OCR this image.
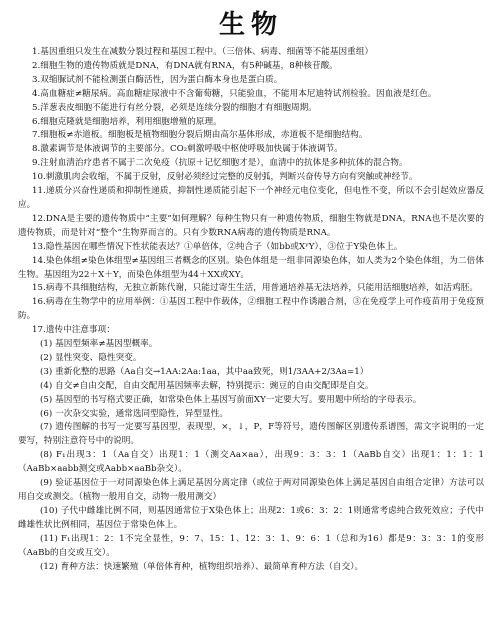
生物

1.基因重组只发生在减数分裂过程和基因工程中。（三倍体、病毒、细菌等不能基因重组）

2.细胞生物的遗传物质就是DNA，有DNA就有RNA，有5种碱基，8种核苷酸。

3.双缩脲试剂不能检测蛋白酶活性，因为蛋白酶本身也是蛋白质。

4.高血糖症≠糖尿病。高血糖症尿液中不含葡萄糖，只能验血，不能用本尼迪特试剂检验。因血液是红色。

5.洋葱表皮细胞不能进行有丝分裂，必须是连续分裂的细胞才有细胞周期。

6.细胞克隆就是细胞培养，利用细胞增殖的原理。

7.细胞板≠赤道板。细胞板是植物细胞分裂后期由高尔基体形成，赤道板不是细胞结构。

8.激素调节是体液调节的主要部分。CO₂刺激呼吸中枢使呼吸加快属于体液调节。

9.注射血清治疗患者不属于二次免疫（抗原＋记忆细胞才是），血清中的抗体是多种抗体的混合物。

10.刺激肌肉会收缩，不属于反射，反射必须经过完整的反射弧，判断兴奋传导方向有突触或神经节。

11.递质分兴奋性递质和抑制性递质，抑制性递质能引起下一个神经元电位变化，但电性不变，所以不会引起效应器反应。

12.DNA是主要的遗传物质中“主要”如何理解？每种生物只有一种遗传物质，细胞生物就是DNA，RNA也不是次要的遗传物质，而是针对“整个”生物界而言的。只有少数RNA病毒的遗传物质是RNA。

13.隐性基因在哪些情况下性状能表达？①单倍体，②纯合子（如bb或XʸY），③位于Y染色体上。

14.染色体组≠染色体组型≠基因组三者概念的区别。染色体组是一组非同源染色体，如人类为2个染色体组，为二倍体生物。基因组为22＋X＋Y，而染色体组型为44＋XX或XY。

15.病毒不具细胞结构，无独立新陈代谢，只能过寄生生活，用普通培养基无法培养，只能用活细胞培养，如活鸡胚。

16.病毒在生物学中的应用举例：①基因工程中作载体，②细胞工程中作诱融合剂，③在免疫学上可作疫苗用于免疫预防。

17.遗传中注意事项：

(1) 基因型频率≠基因型概率。

(2) 显性突变、隐性突变。

(3) 重新化整的思路（Aa自交→1AA:2Aa:1aa，其中aa致死，则1/3AA+2/3Aa=1）

(4) 自交≠自由交配，自由交配用基因频率去解，特别提示：豌豆的自由交配即是自交。

(5) 基因型的书写格式要正确，如常染色体上基因写前面XY一定要大写。要用题中所给的字母表示。

(6) 一次杂交实验，通常选同型隐性，异型显性。

(7) 遗传图解的书写一定要写基因型，表现型，×，↓，P，F等符号，遗传图解区别遗传系谱图，需文字说明的一定要写，特别注意符号中的说明。

(8) F₁出现3：1（Aa自交）出现1：1（测交Aa×aa），出现9：3：3：1（AaBb自交）出现1：1：1：1（AaBb×aabb测交或Aabb×aaBb杂交）。

(9) 验证基因位于一对同源染色体上满足基因分离定律（或位于两对同源染色体上满足基因自由组合定律）方法可以用自交或测交。（植物一般用自交，动物一般用测交）

(10) 子代中雌雄比例不同，则基因通常位于X染色体上；出现2：1或6：3：2：1则通常考虑纯合致死效应；子代中雌雄性状比例相同，基因位于常染色体上。

(11) F₁出现1：2：1不完全显性，9：7、15：1、12：3：1、9：6：1（总和为16）都是9：3：3：1的变形（AaBb的自交或互交）。

(12) 育种方法：快速繁殖（单倍体育种，植物组织培养）、最简单育种方法（自交）。
